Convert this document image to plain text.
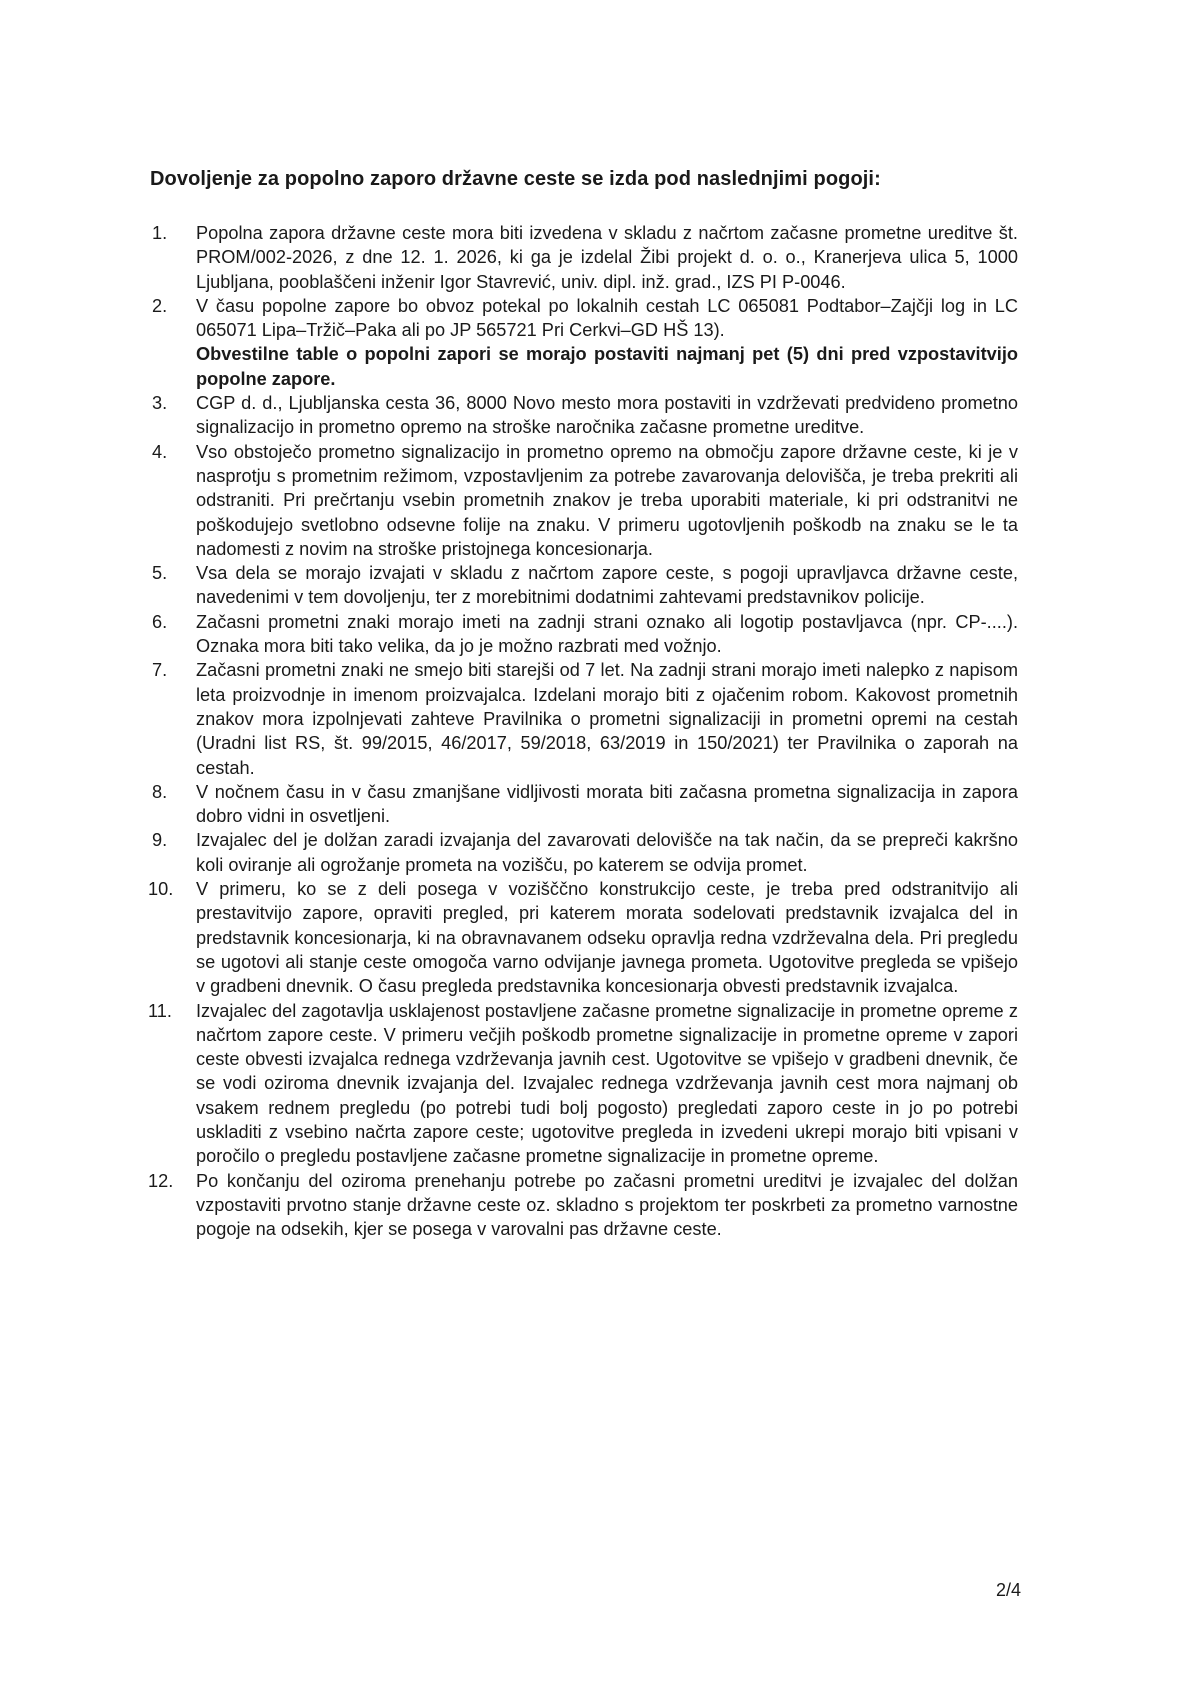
Dovoljenje za popolno zaporo državne ceste se izda pod naslednjimi pogoji:
1. Popolna zapora državne ceste mora biti izvedena v skladu z načrtom začasne prometne ureditve št. PROM/002-2026, z dne 12. 1. 2026, ki ga je izdelal Žibi projekt d. o. o., Kranerjeva ulica 5, 1000 Ljubljana, pooblaščeni inženir Igor Stavrević, univ. dipl. inž. grad., IZS PI P-0046.

2. V času popolne zapore bo obvoz potekal po lokalnih cestah LC 065081 Podtabor–Zajčji log in LC 065071 Lipa–Tržič–Paka ali po JP 565721 Pri Cerkvi–GD HŠ 13).

Obvestilne table o popolni zapori se morajo postaviti najmanj pet (5) dni pred vzpostavitvijo popolne zapore.

3. CGP d. d., Ljubljanska cesta 36, 8000 Novo mesto mora postaviti in vzdrževati predvideno prometno signalizacijo in prometno opremo na stroške naročnika začasne prometne ureditve.

4. Vso obstoječo prometno signalizacijo in prometno opremo na območju zapore državne ceste, ki je v nasprotju s prometnim režimom, vzpostavljenim za potrebe zavarovanja delovišča, je treba prekriti ali odstraniti. Pri prečrtanju vsebin prometnih znakov je treba uporabiti materiale, ki pri odstranitvi ne poškodujejo svetlobno odsevne folije na znaku. V primeru ugotovljenih poškodb na znaku se le ta nadomesti z novim na stroške pristojnega koncesionarja.

5. Vsa dela se morajo izvajati v skladu z načrtom zapore ceste, s pogoji upravljavca državne ceste, navedenimi v tem dovoljenju, ter z morebitnimi dodatnimi zahtevami predstavnikov policije.

6. Začasni prometni znaki morajo imeti na zadnji strani oznako ali logotip postavljavca (npr. CP-....). Oznaka mora biti tako velika, da jo je možno razbrati med vožnjo.

7. Začasni prometni znaki ne smejo biti starejši od 7 let. Na zadnji strani morajo imeti nalepko z napisom leta proizvodnje in imenom proizvajalca. Izdelani morajo biti z ojačenim robom. Kakovost prometnih znakov mora izpolnjevati zahteve Pravilnika o prometni signalizaciji in prometni opremi na cestah (Uradni list RS, št. 99/2015, 46/2017, 59/2018, 63/2019 in 150/2021) ter Pravilnika o zaporah na cestah.

8. V nočnem času in v času zmanjšane vidljivosti morata biti začasna prometna signalizacija in zapora dobro vidni in osvetljeni.

9. Izvajalec del je dolžan zaradi izvajanja del zavarovati delovišče na tak način, da se prepreči kakršno koli oviranje ali ogrožanje prometa na vozišču, po katerem se odvija promet.

10. V primeru, ko se z deli posega v vozišččno konstrukcijo ceste, je treba pred odstranitvijo ali prestavitvijo zapore, opraviti pregled, pri katerem morata sodelovati predstavnik izvajalca del in predstavnik koncesionarja, ki na obravnavanem odseku opravlja redna vzdrževalna dela. Pri pregledu se ugotovi ali stanje ceste omogoča varno odvijanje javnega prometa. Ugotovitve pregleda se vpišejo v gradbeni dnevnik. O času pregleda predstavnika koncesionarja obvesti predstavnik izvajalca.

11. Izvajalec del zagotavlja usklajenost postavljene začasne prometne signalizacije in prometne opreme z načrtom zapore ceste. V primeru večjih poškodb prometne signalizacije in prometne opreme v zapori ceste obvesti izvajalca rednega vzdrževanja javnih cest. Ugotovitve se vpišejo v gradbeni dnevnik, če se vodi oziroma dnevnik izvajanja del. Izvajalec rednega vzdrževanja javnih cest mora najmanj ob vsakem rednem pregledu (po potrebi tudi bolj pogosto) pregledati zaporo ceste in jo po potrebi uskladiti z vsebino načrta zapore ceste; ugotovitve pregleda in izvedeni ukrepi morajo biti vpisani v poročilo o pregledu postavljene začasne prometne signalizacije in prometne opreme.

12. Po končanju del oziroma prenehanju potrebe po začasni prometni ureditvi je izvajalec del dolžan vzpostaviti prvotno stanje državne ceste oz. skladno s projektom ter poskrbeti za prometno varnostne pogoje na odsekih, kjer se posega v varovalni pas državne ceste.

2/4
